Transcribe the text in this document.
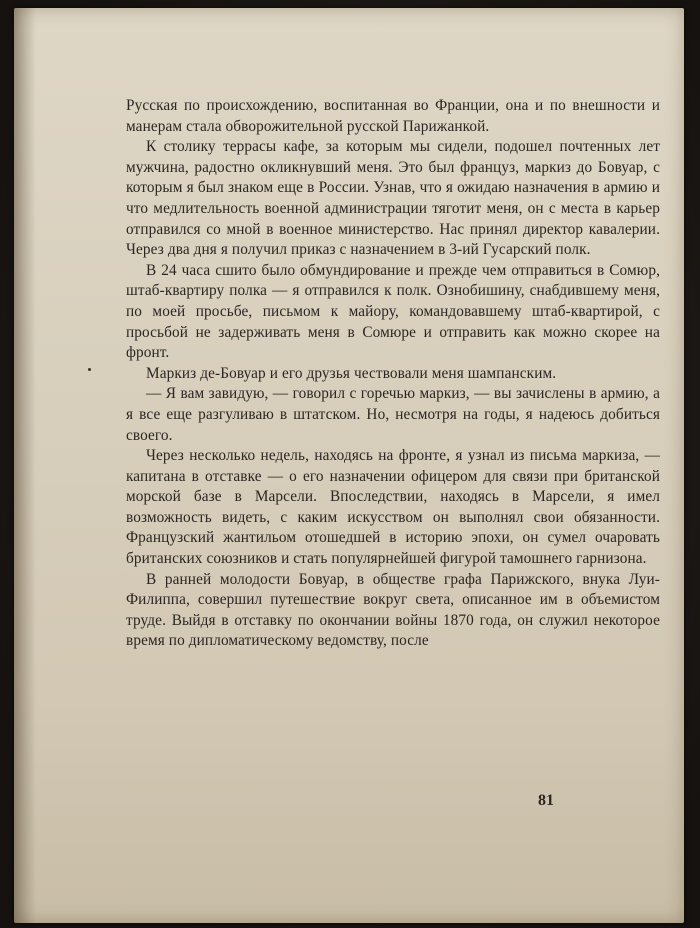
Русская по происхождению, воспитанная во Франции, она и по внешности и манерам стала обворожительной русской Парижанкой.

К столику террасы кафе, за которым мы сидели, подошел почтенных лет мужчина, радостно окликнувший меня. Это был француз, маркиз до Бовуар, с которым я был знаком еще в России. Узнав, что я ожидаю назначения в армию и что медлительность военной администрации тяготит меня, он с места в карьер отправился со мной в военное министерство. Нас принял директор кавалерии. Через два дня я получил приказ с назначением в 3-ий Гусарский полк.

В 24 часа сшито было обмундирование и прежде чем отправиться в Сомюр, штаб-квартиру полка — я отправился к полк. Ознобишину, снабдившему меня, по моей просьбе, письмом к майору, командовавшему штаб-квартирой, с просьбой не задерживать меня в Сомюре и отправить как можно скорее на фронт.

Маркиз де-Бовуар и его друзья чествовали меня шампанским.

— Я вам завидую, — говорил с горечью маркиз, — вы зачислены в армию, а я все еще разгуливаю в штатском. Но, несмотря на годы, я надеюсь добиться своего.

Через несколько недель, находясь на фронте, я узнал из письма маркиза, — капитана в отставке — о его назначении офицером для связи при британской морской базе в Марсели. Впоследствии, находясь в Марсели, я имел возможность видеть, с каким искусством он выполнял свои обязанности. Французский жантильом отошедшей в историю эпохи, он сумел очаровать британских союзников и стать популярнейшей фигурой тамошнего гарнизона.

В ранней молодости Бовуар, в обществе графа Парижского, внука Луи-Филиппа, совершил путешествие вокруг света, описанное им в объемистом труде. Выйдя в отставку по окончании войны 1870 года, он служил некоторое время по дипломатическому ведомству, после

81
